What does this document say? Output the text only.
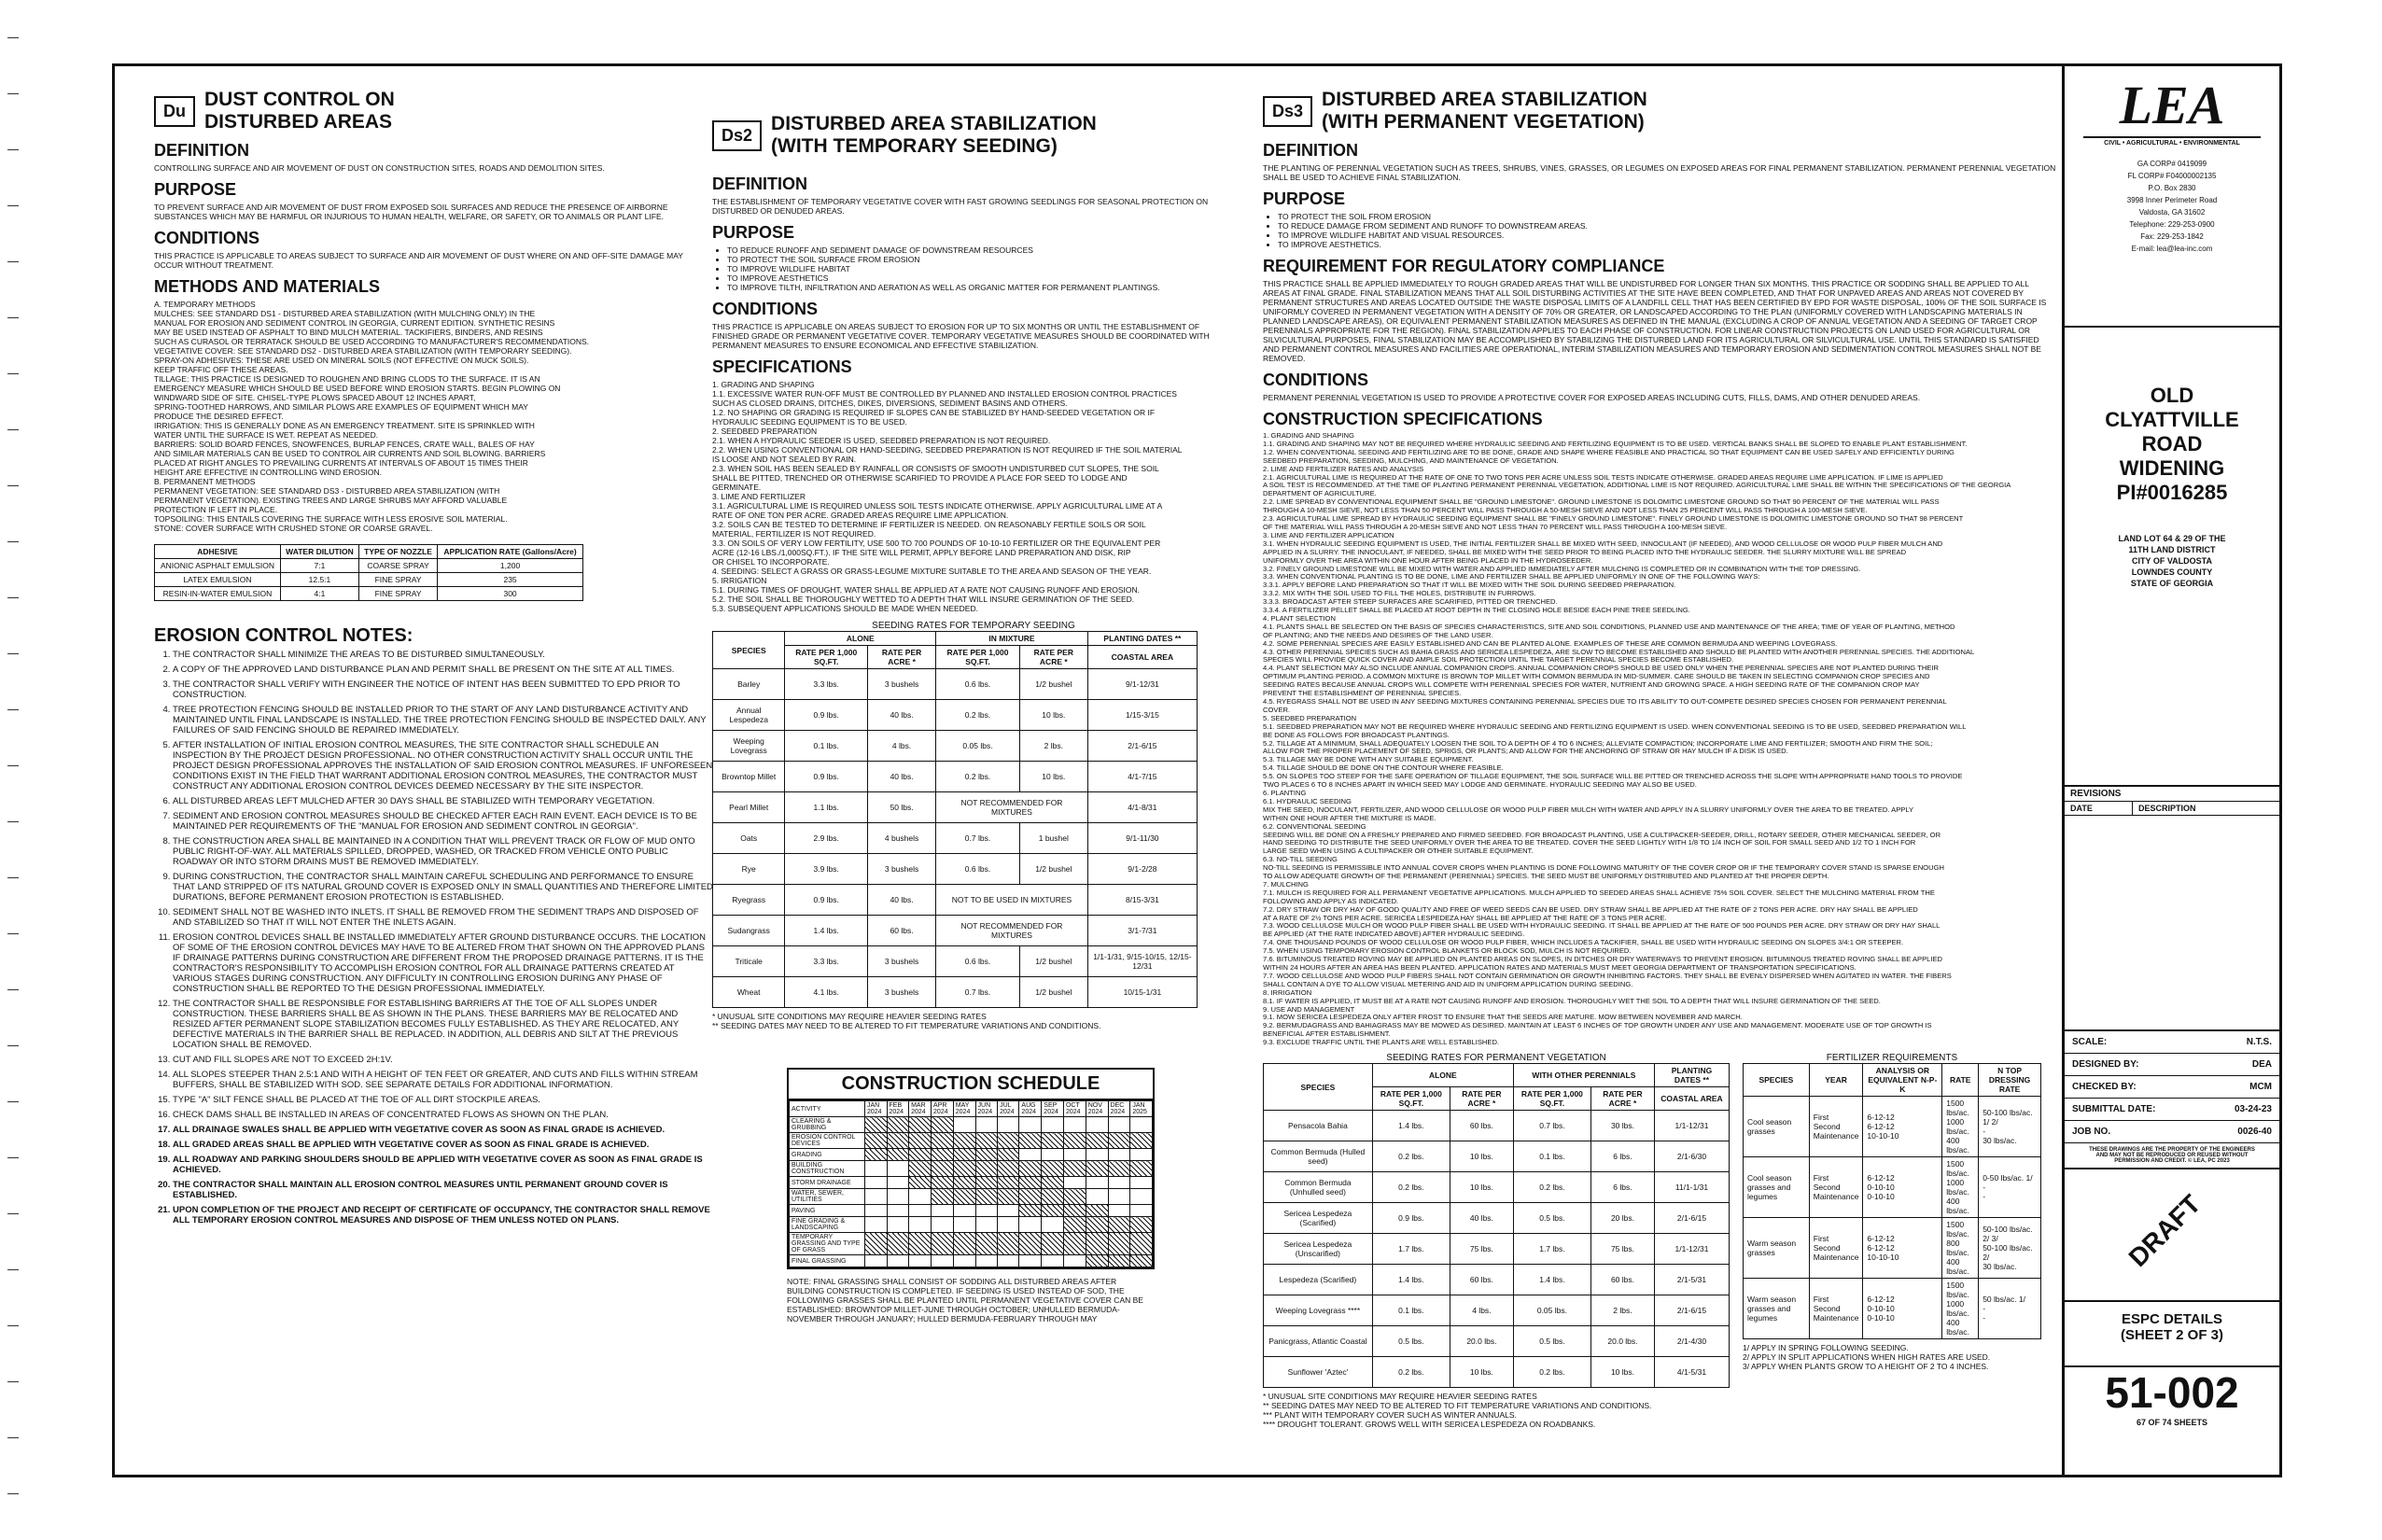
Du
DUST CONTROL ON
DISTURBED AREAS
DEFINITION

CONTROLLING SURFACE AND AIR MOVEMENT OF DUST ON CONSTRUCTION SITES, ROADS AND DEMOLITION SITES.

PURPOSE

TO PREVENT SURFACE AND AIR MOVEMENT OF DUST FROM EXPOSED SOIL SURFACES AND REDUCE THE PRESENCE OF AIRBORNE SUBSTANCES WHICH MAY BE HARMFUL OR INJURIOUS TO HUMAN HEALTH, WELFARE, OR SAFETY, OR TO ANIMALS OR PLANT LIFE.

CONDITIONS

THIS PRACTICE IS APPLICABLE TO AREAS SUBJECT TO SURFACE AND AIR MOVEMENT OF DUST WHERE ON AND OFF-SITE DAMAGE MAY OCCUR WITHOUT TREATMENT.

METHODS AND MATERIALS
A. TEMPORARY METHODS
MULCHES: SEE STANDARD DS1 - DISTURBED AREA STABILIZATION (WITH MULCHING ONLY) IN THE
MANUAL FOR EROSION AND SEDIMENT CONTROL IN GEORGIA, CURRENT EDITION. SYNTHETIC RESINS
MAY BE USED INSTEAD OF ASPHALT TO BIND MULCH MATERIAL. TACKIFIERS, BINDERS, AND RESINS
SUCH AS CURASOL OR TERRATACK SHOULD BE USED ACCORDING TO MANUFACTURER'S RECOMMENDATIONS.
VEGETATIVE COVER: SEE STANDARD DS2 - DISTURBED AREA STABILIZATION (WITH TEMPORARY SEEDING).
SPRAY-ON ADHESIVES: THESE ARE USED ON MINERAL SOILS (NOT EFFECTIVE ON MUCK SOILS).
KEEP TRAFFIC OFF THESE AREAS.
TILLAGE: THIS PRACTICE IS DESIGNED TO ROUGHEN AND BRING CLODS TO THE SURFACE. IT IS AN
EMERGENCY MEASURE WHICH SHOULD BE USED BEFORE WIND EROSION STARTS. BEGIN PLOWING ON
WINDWARD SIDE OF SITE. CHISEL-TYPE PLOWS SPACED ABOUT 12 INCHES APART,
SPRING-TOOTHED HARROWS, AND SIMILAR PLOWS ARE EXAMPLES OF EQUIPMENT WHICH MAY
PRODUCE THE DESIRED EFFECT.
IRRIGATION: THIS IS GENERALLY DONE AS AN EMERGENCY TREATMENT. SITE IS SPRINKLED WITH
WATER UNTIL THE SURFACE IS WET. REPEAT AS NEEDED.
BARRIERS: SOLID BOARD FENCES, SNOWFENCES, BURLAP FENCES, CRATE WALL, BALES OF HAY
AND SIMILAR MATERIALS CAN BE USED TO CONTROL AIR CURRENTS AND SOIL BLOWING. BARRIERS
PLACED AT RIGHT ANGLES TO PREVAILING CURRENTS AT INTERVALS OF ABOUT 15 TIMES THEIR
HEIGHT ARE EFFECTIVE IN CONTROLLING WIND EROSION.
B. PERMANENT METHODS
PERMANENT VEGETATION: SEE STANDARD DS3 - DISTURBED AREA STABILIZATION (WITH
PERMANENT VEGETATION). EXISTING TREES AND LARGE SHRUBS MAY AFFORD VALUABLE
PROTECTION IF LEFT IN PLACE.
TOPSOILING: THIS ENTAILS COVERING THE SURFACE WITH LESS EROSIVE SOIL MATERIAL.
STONE: COVER SURFACE WITH CRUSHED STONE OR COARSE GRAVEL.
ADHESIVE	WATER DILUTION	TYPE OF NOZZLE	APPLICATION RATE (Gallons/Acre)
ANIONIC ASPHALT EMULSION	7:1	COARSE SPRAY	1,200
LATEX EMULSION	12.5:1	FINE SPRAY	235
RESIN-IN-WATER EMULSION	4:1	FINE SPRAY	300
EROSION CONTROL NOTES:
1. THE CONTRACTOR SHALL MINIMIZE THE AREAS TO BE DISTURBED SIMULTANEOUSLY.
2. A COPY OF THE APPROVED LAND DISTURBANCE PLAN AND PERMIT SHALL BE PRESENT ON THE SITE AT ALL TIMES.
3. THE CONTRACTOR SHALL VERIFY WITH ENGINEER THE NOTICE OF INTENT HAS BEEN SUBMITTED TO EPD PRIOR TO CONSTRUCTION.
4. TREE PROTECTION FENCING SHOULD BE INSTALLED PRIOR TO THE START OF ANY LAND DISTURBANCE ACTIVITY AND MAINTAINED UNTIL FINAL LANDSCAPE IS INSTALLED. THE TREE PROTECTION FENCING SHOULD BE INSPECTED DAILY. ANY FAILURES OF SAID FENCING SHOULD BE REPAIRED IMMEDIATELY.
5. AFTER INSTALLATION OF INITIAL EROSION CONTROL MEASURES, THE SITE CONTRACTOR SHALL SCHEDULE AN INSPECTION BY THE PROJECT DESIGN PROFESSIONAL. NO OTHER CONSTRUCTION ACTIVITY SHALL OCCUR UNTIL THE PROJECT DESIGN PROFESSIONAL APPROVES THE INSTALLATION OF SAID EROSION CONTROL MEASURES. IF UNFORESEEN CONDITIONS EXIST IN THE FIELD THAT WARRANT ADDITIONAL EROSION CONTROL MEASURES, THE CONTRACTOR MUST CONSTRUCT ANY ADDITIONAL EROSION CONTROL DEVICES DEEMED NECESSARY BY THE SITE INSPECTOR.
6. ALL DISTURBED AREAS LEFT MULCHED AFTER 30 DAYS SHALL BE STABILIZED WITH TEMPORARY VEGETATION.
7. SEDIMENT AND EROSION CONTROL MEASURES SHOULD BE CHECKED AFTER EACH RAIN EVENT. EACH DEVICE IS TO BE MAINTAINED PER REQUIREMENTS OF THE "MANUAL FOR EROSION AND SEDIMENT CONTROL IN GEORGIA".
8. THE CONSTRUCTION AREA SHALL BE MAINTAINED IN A CONDITION THAT WILL PREVENT TRACK OR FLOW OF MUD ONTO PUBLIC RIGHT-OF-WAY. ALL MATERIALS SPILLED, DROPPED, WASHED, OR TRACKED FROM VEHICLE ONTO PUBLIC ROADWAY OR INTO STORM DRAINS MUST BE REMOVED IMMEDIATELY.
9. DURING CONSTRUCTION, THE CONTRACTOR SHALL MAINTAIN CAREFUL SCHEDULING AND PERFORMANCE TO ENSURE THAT LAND STRIPPED OF ITS NATURAL GROUND COVER IS EXPOSED ONLY IN SMALL QUANTITIES AND THEREFORE LIMITED DURATIONS, BEFORE PERMANENT EROSION PROTECTION IS ESTABLISHED.
10. SEDIMENT SHALL NOT BE WASHED INTO INLETS. IT SHALL BE REMOVED FROM THE SEDIMENT TRAPS AND DISPOSED OF AND STABILIZED SO THAT IT WILL NOT ENTER THE INLETS AGAIN.
11. EROSION CONTROL DEVICES SHALL BE INSTALLED IMMEDIATELY AFTER GROUND DISTURBANCE OCCURS. THE LOCATION OF SOME OF THE EROSION CONTROL DEVICES MAY HAVE TO BE ALTERED FROM THAT SHOWN ON THE APPROVED PLANS IF DRAINAGE PATTERNS DURING CONSTRUCTION ARE DIFFERENT FROM THE PROPOSED DRAINAGE PATTERNS. IT IS THE CONTRACTOR'S RESPONSIBILITY TO ACCOMPLISH EROSION CONTROL FOR ALL DRAINAGE PATTERNS CREATED AT VARIOUS STAGES DURING CONSTRUCTION. ANY DIFFICULTY IN CONTROLLING EROSION DURING ANY PHASE OF CONSTRUCTION SHALL BE REPORTED TO THE DESIGN PROFESSIONAL IMMEDIATELY.
12. THE CONTRACTOR SHALL BE RESPONSIBLE FOR ESTABLISHING BARRIERS AT THE TOE OF ALL SLOPES UNDER CONSTRUCTION. THESE BARRIERS SHALL BE AS SHOWN IN THE PLANS. THESE BARRIERS MAY BE RELOCATED AND RESIZED AFTER PERMANENT SLOPE STABILIZATION BECOMES FULLY ESTABLISHED. AS THEY ARE RELOCATED, ANY DEFECTIVE MATERIALS IN THE BARRIER SHALL BE REPLACED. IN ADDITION, ALL DEBRIS AND SILT AT THE PREVIOUS LOCATION SHALL BE REMOVED.
13. CUT AND FILL SLOPES ARE NOT TO EXCEED 2H:1V.
14. ALL SLOPES STEEPER THAN 2.5:1 AND WITH A HEIGHT OF TEN FEET OR GREATER, AND CUTS AND FILLS WITHIN STREAM BUFFERS, SHALL BE STABILIZED WITH SOD. SEE SEPARATE DETAILS FOR ADDITIONAL INFORMATION.
15. TYPE "A" SILT FENCE SHALL BE PLACED AT THE TOE OF ALL DIRT STOCKPILE AREAS.
16. CHECK DAMS SHALL BE INSTALLED IN AREAS OF CONCENTRATED FLOWS AS SHOWN ON THE PLAN.
17. ALL DRAINAGE SWALES SHALL BE APPLIED WITH VEGETATIVE COVER AS SOON AS FINAL GRADE IS ACHIEVED.
18. ALL GRADED AREAS SHALL BE APPLIED WITH VEGETATIVE COVER AS SOON AS FINAL GRADE IS ACHIEVED.
19. ALL ROADWAY AND PARKING SHOULDERS SHOULD BE APPLIED WITH VEGETATIVE COVER AS SOON AS FINAL GRADE IS ACHIEVED.
20. THE CONTRACTOR SHALL MAINTAIN ALL EROSION CONTROL MEASURES UNTIL PERMANENT GROUND COVER IS ESTABLISHED.
21. UPON COMPLETION OF THE PROJECT AND RECEIPT OF CERTIFICATE OF OCCUPANCY, THE CONTRACTOR SHALL REMOVE ALL TEMPORARY EROSION CONTROL MEASURES AND DISPOSE OF THEM UNLESS NOTED ON PLANS.
Ds2
DISTURBED AREA STABILIZATION
(WITH TEMPORARY SEEDING)
DEFINITION

THE ESTABLISHMENT OF TEMPORARY VEGETATIVE COVER WITH FAST GROWING SEEDLINGS FOR SEASONAL PROTECTION ON DISTURBED OR DENUDED AREAS.

PURPOSE
• TO REDUCE RUNOFF AND SEDIMENT DAMAGE OF DOWNSTREAM RESOURCES
• TO PROTECT THE SOIL SURFACE FROM EROSION
• TO IMPROVE WILDLIFE HABITAT
• TO IMPROVE AESTHETICS
• TO IMPROVE TILTH, INFILTRATION AND AERATION AS WELL AS ORGANIC MATTER FOR PERMANENT PLANTINGS.
CONDITIONS

THIS PRACTICE IS APPLICABLE ON AREAS SUBJECT TO EROSION FOR UP TO SIX MONTHS OR UNTIL THE ESTABLISHMENT OF FINISHED GRADE OR PERMANENT VEGETATIVE COVER. TEMPORARY VEGETATIVE MEASURES SHOULD BE COORDINATED WITH PERMANENT MEASURES TO ENSURE ECONOMICAL AND EFFECTIVE STABILIZATION.

SPECIFICATIONS
1. GRADING AND SHAPING
1.1. EXCESSIVE WATER RUN-OFF MUST BE CONTROLLED BY PLANNED AND INSTALLED EROSION CONTROL PRACTICES
SUCH AS CLOSED DRAINS, DITCHES, DIKES, DIVERSIONS, SEDIMENT BASINS AND OTHERS.
1.2. NO SHAPING OR GRADING IS REQUIRED IF SLOPES CAN BE STABILIZED BY HAND-SEEDED VEGETATION OR IF
HYDRAULIC SEEDING EQUIPMENT IS TO BE USED.
2. SEEDBED PREPARATION
2.1. WHEN A HYDRAULIC SEEDER IS USED, SEEDBED PREPARATION IS NOT REQUIRED.
2.2. WHEN USING CONVENTIONAL OR HAND-SEEDING, SEEDBED PREPARATION IS NOT REQUIRED IF THE SOIL MATERIAL
IS LOOSE AND NOT SEALED BY RAIN.
2.3. WHEN SOIL HAS BEEN SEALED BY RAINFALL OR CONSISTS OF SMOOTH UNDISTURBED CUT SLOPES, THE SOIL
SHALL BE PITTED, TRENCHED OR OTHERWISE SCARIFIED TO PROVIDE A PLACE FOR SEED TO LODGE AND
GERMINATE.
3. LIME AND FERTILIZER
3.1. AGRICULTURAL LIME IS REQUIRED UNLESS SOIL TESTS INDICATE OTHERWISE. APPLY AGRICULTURAL LIME AT A
RATE OF ONE TON PER ACRE. GRADED AREAS REQUIRE LIME APPLICATION.
3.2. SOILS CAN BE TESTED TO DETERMINE IF FERTILIZER IS NEEDED. ON REASONABLY FERTILE SOILS OR SOIL
MATERIAL, FERTILIZER IS NOT REQUIRED.
3.3. ON SOILS OF VERY LOW FERTILITY, USE 500 TO 700 POUNDS OF 10-10-10 FERTILIZER OR THE EQUIVALENT PER
ACRE (12-16 LBS./1,000SQ.FT.). IF THE SITE WILL PERMIT, APPLY BEFORE LAND PREPARATION AND DISK, RIP
OR CHISEL TO INCORPORATE.
4. SEEDING: SELECT A GRASS OR GRASS-LEGUME MIXTURE SUITABLE TO THE AREA AND SEASON OF THE YEAR.
5. IRRIGATION
5.1. DURING TIMES OF DROUGHT, WATER SHALL BE APPLIED AT A RATE NOT CAUSING RUNOFF AND EROSION.
5.2. THE SOIL SHALL BE THOROUGHLY WETTED TO A DEPTH THAT WILL INSURE GERMINATION OF THE SEED.
5.3. SUBSEQUENT APPLICATIONS SHOULD BE MADE WHEN NEEDED.
SEEDING RATES FOR TEMPORARY SEEDING
SPECIES	ALONE		IN MIXTURE		PLANTING DATES **
	RATE PER 1,000 SQ.FT.	RATE PER ACRE *	RATE PER 1,000 SQ.FT.	RATE PER ACRE *	COASTAL AREA
Barley	3.3 lbs.	3 bushels	0.6 lbs.	1/2 bushel	9/1-12/31
Annual Lespedeza	0.9 lbs.	40 lbs.	0.2 lbs.	10 lbs.	1/15-3/15
Weeping Lovegrass	0.1 lbs.	4 lbs.	0.05 lbs.	2 lbs.	2/1-6/15
Browntop Millet	0.9 lbs.	40 lbs.	0.2 lbs.	10 lbs.	4/1-7/15
Pearl Millet	1.1 lbs.	50 lbs.	NOT RECOMMENDED FOR MIXTURES		4/1-8/31
Oats	2.9 lbs.	4 bushels	0.7 lbs.	1 bushel	9/1-11/30
Rye	3.9 lbs.	3 bushels	0.6 lbs.	1/2 bushel	9/1-2/28
Ryegrass	0.9 lbs.	40 lbs.	NOT TO BE USED IN MIXTURES		8/15-3/31
Sudangrass	1.4 lbs.	60 lbs.	NOT RECOMMENDED FOR MIXTURES		3/1-7/31
Triticale	3.3 lbs.	3 bushels	0.6 lbs.	1/2 bushel	1/1-1/31, 9/15-10/15, 12/15-12/31
Wheat	4.1 lbs.	3 bushels	0.7 lbs.	1/2 bushel	10/15-1/31
* UNUSUAL SITE CONDITIONS MAY REQUIRE HEAVIER SEEDING RATES
** SEEDING DATES MAY NEED TO BE ALTERED TO FIT TEMPERATURE VARIATIONS AND CONDITIONS.
CONSTRUCTION SCHEDULE
ACTIVITY	JAN 2024	FEB 2024	MAR 2024	APR 2024	MAY 2024	JUN 2024	JUL 2024	AUG 2024	SEP 2024	OCT 2024	NOV 2024	DEC 2024	JAN 2025
CLEARING & GRUBBING													
EROSION CONTROL DEVICES													
GRADING													
BUILDING CONSTRUCTION													
STORM DRAINAGE													
WATER, SEWER, UTILITIES													
PAVING													
FINE GRADING & LANDSCAPING													
TEMPORARY GRASSING AND TYPE OF GRASS													
FINAL GRASSING													

NOTE: FINAL GRASSING SHALL CONSIST OF SODDING ALL DISTURBED AREAS AFTER BUILDING CONSTRUCTION IS COMPLETED. IF SEEDING IS USED INSTEAD OF SOD, THE FOLLOWING GRASSES SHALL BE PLANTED UNTIL PERMANENT VEGETATIVE COVER CAN BE ESTABLISHED: BROWNTOP MILLET-JUNE THROUGH OCTOBER; UNHULLED BERMUDA-NOVEMBER THROUGH JANUARY; HULLED BERMUDA-FEBRUARY THROUGH MAY

Ds3
DISTURBED AREA STABILIZATION
(WITH PERMANENT VEGETATION)
DEFINITION

THE PLANTING OF PERENNIAL VEGETATION SUCH AS TREES, SHRUBS, VINES, GRASSES, OR LEGUMES ON EXPOSED AREAS FOR FINAL PERMANENT STABILIZATION. PERMANENT PERENNIAL VEGETATION SHALL BE USED TO ACHIEVE FINAL STABILIZATION.

PURPOSE
• TO PROTECT THE SOIL FROM EROSION
• TO REDUCE DAMAGE FROM SEDIMENT AND RUNOFF TO DOWNSTREAM AREAS.
• TO IMPROVE WILDLIFE HABITAT AND VISUAL RESOURCES.
• TO IMPROVE AESTHETICS.
REQUIREMENT FOR REGULATORY COMPLIANCE

THIS PRACTICE SHALL BE APPLIED IMMEDIATELY TO ROUGH GRADED AREAS THAT WILL BE UNDISTURBED FOR LONGER THAN SIX MONTHS. THIS PRACTICE OR SODDING SHALL BE APPLIED TO ALL AREAS AT FINAL GRADE. FINAL STABILIZATION MEANS THAT ALL SOIL DISTURBING ACTIVITIES AT THE SITE HAVE BEEN COMPLETED, AND THAT FOR UNPAVED AREAS AND AREAS NOT COVERED BY PERMANENT STRUCTURES AND AREAS LOCATED OUTSIDE THE WASTE DISPOSAL LIMITS OF A LANDFILL CELL THAT HAS BEEN CERTIFIED BY EPD FOR WASTE DISPOSAL, 100% OF THE SOIL SURFACE IS UNIFORMLY COVERED IN PERMANENT VEGETATION WITH A DENSITY OF 70% OR GREATER, OR LANDSCAPED ACCORDING TO THE PLAN (UNIFORMLY COVERED WITH LANDSCAPING MATERIALS IN PLANNED LANDSCAPE AREAS), OR EQUIVALENT PERMANENT STABILIZATION MEASURES AS DEFINED IN THE MANUAL (EXCLUDING A CROP OF ANNUAL VEGETATION AND A SEEDING OF TARGET CROP PERENNIALS APPROPRIATE FOR THE REGION). FINAL STABILIZATION APPLIES TO EACH PHASE OF CONSTRUCTION. FOR LINEAR CONSTRUCTION PROJECTS ON LAND USED FOR AGRICULTURAL OR SILVICULTURAL PURPOSES, FINAL STABILIZATION MAY BE ACCOMPLISHED BY STABILIZING THE DISTURBED LAND FOR ITS AGRICULTURAL OR SILVICULTURAL USE. UNTIL THIS STANDARD IS SATISFIED AND PERMANENT CONTROL MEASURES AND FACILITIES ARE OPERATIONAL, INTERIM STABILIZATION MEASURES AND TEMPORARY EROSION AND SEDIMENTATION CONTROL MEASURES SHALL NOT BE REMOVED.

CONDITIONS

PERMANENT PERENNIAL VEGETATION IS USED TO PROVIDE A PROTECTIVE COVER FOR EXPOSED AREAS INCLUDING CUTS, FILLS, DAMS, AND OTHER DENUDED AREAS.

CONSTRUCTION SPECIFICATIONS
1. GRADING AND SHAPING
1.1. GRADING AND SHAPING MAY NOT BE REQUIRED WHERE HYDRAULIC SEEDING AND FERTILIZING EQUIPMENT IS TO BE USED. VERTICAL BANKS SHALL BE SLOPED TO ENABLE PLANT ESTABLISHMENT.
1.2. WHEN CONVENTIONAL SEEDING AND FERTILIZING ARE TO BE DONE, GRADE AND SHAPE WHERE FEASIBLE AND PRACTICAL SO THAT EQUIPMENT CAN BE USED SAFELY AND EFFICIENTLY DURING
SEEDBED PREPARATION, SEEDING, MULCHING, AND MAINTENANCE OF VEGETATION.
2. LIME AND FERTILIZER RATES AND ANALYSIS
2.1. AGRICULTURAL LIME IS REQUIRED AT THE RATE OF ONE TO TWO TONS PER ACRE UNLESS SOIL TESTS INDICATE OTHERWISE. GRADED AREAS REQUIRE LIME APPLICATION. IF LIME IS APPLIED
A SOIL TEST IS RECOMMENDED. AT THE TIME OF PLANTING PERMANENT PERENNIAL VEGETATION, ADDITIONAL LIME IS NOT REQUIRED. AGRICULTURAL LIME SHALL BE WITHIN THE SPECIFICATIONS OF THE GEORGIA
DEPARTMENT OF AGRICULTURE.
2.2. LIME SPREAD BY CONVENTIONAL EQUIPMENT SHALL BE "GROUND LIMESTONE". GROUND LIMESTONE IS DOLOMITIC LIMESTONE GROUND SO THAT 90 PERCENT OF THE MATERIAL WILL PASS
THROUGH A 10-MESH SIEVE, NOT LESS THAN 50 PERCENT WILL PASS THROUGH A 50-MESH SIEVE AND NOT LESS THAN 25 PERCENT WILL PASS THROUGH A 100-MESH SIEVE.
2.3. AGRICULTURAL LIME SPREAD BY HYDRAULIC SEEDING EQUIPMENT SHALL BE "FINELY GROUND LIMESTONE". FINELY GROUND LIMESTONE IS DOLOMITIC LIMESTONE GROUND SO THAT 98 PERCENT
OF THE MATERIAL WILL PASS THROUGH A 20-MESH SIEVE AND NOT LESS THAN 70 PERCENT WILL PASS THROUGH A 100-MESH SIEVE.
3. LIME AND FERTILIZER APPLICATION
3.1. WHEN HYDRAULIC SEEDING EQUIPMENT IS USED, THE INITIAL FERTILIZER SHALL BE MIXED WITH SEED, INNOCULANT (IF NEEDED), AND WOOD CELLULOSE OR WOOD PULP FIBER MULCH AND
APPLIED IN A SLURRY. THE INNOCULANT, IF NEEDED, SHALL BE MIXED WITH THE SEED PRIOR TO BEING PLACED INTO THE HYDRAULIC SEEDER. THE SLURRY MIXTURE WILL BE SPREAD
UNIFORMLY OVER THE AREA WITHIN ONE HOUR AFTER BEING PLACED IN THE HYDROSEEDER.
3.2. FINELY GROUND LIMESTONE WILL BE MIXED WITH WATER AND APPLIED IMMEDIATELY AFTER MULCHING IS COMPLETED OR IN COMBINATION WITH THE TOP DRESSING.
3.3. WHEN CONVENTIONAL PLANTING IS TO BE DONE, LIME AND FERTILIZER SHALL BE APPLIED UNIFORMLY IN ONE OF THE FOLLOWING WAYS:
3.3.1. APPLY BEFORE LAND PREPARATION SO THAT IT WILL BE MIXED WITH THE SOIL DURING SEEDBED PREPARATION.
3.3.2. MIX WITH THE SOIL USED TO FILL THE HOLES, DISTRIBUTE IN FURROWS.
3.3.3. BROADCAST AFTER STEEP SURFACES ARE SCARIFIED, PITTED OR TRENCHED.
3.3.4. A FERTILIZER PELLET SHALL BE PLACED AT ROOT DEPTH IN THE CLOSING HOLE BESIDE EACH PINE TREE SEEDLING.
4. PLANT SELECTION
4.1. PLANTS SHALL BE SELECTED ON THE BASIS OF SPECIES CHARACTERISTICS, SITE AND SOIL CONDITIONS, PLANNED USE AND MAINTENANCE OF THE AREA; TIME OF YEAR OF PLANTING, METHOD
OF PLANTING; AND THE NEEDS AND DESIRES OF THE LAND USER.
4.2. SOME PERENNIAL SPECIES ARE EASILY ESTABLISHED AND CAN BE PLANTED ALONE. EXAMPLES OF THESE ARE COMMON BERMUDA AND WEEPING LOVEGRASS.
4.3. OTHER PERENNIAL SPECIES SUCH AS BAHIA GRASS AND SERICEA LESPEDEZA, ARE SLOW TO BECOME ESTABLISHED AND SHOULD BE PLANTED WITH ANOTHER PERENNIAL SPECIES. THE ADDITIONAL
SPECIES WILL PROVIDE QUICK COVER AND AMPLE SOIL PROTECTION UNTIL THE TARGET PERENNIAL SPECIES BECOME ESTABLISHED.
4.4. PLANT SELECTION MAY ALSO INCLUDE ANNUAL COMPANION CROPS. ANNUAL COMPANION CROPS SHOULD BE USED ONLY WHEN THE PERENNIAL SPECIES ARE NOT PLANTED DURING THEIR
OPTIMUM PLANTING PERIOD. A COMMON MIXTURE IS BROWN TOP MILLET WITH COMMON BERMUDA IN MID-SUMMER. CARE SHOULD BE TAKEN IN SELECTING COMPANION CROP SPECIES AND
SEEDING RATES BECAUSE ANNUAL CROPS WILL COMPETE WITH PERENNIAL SPECIES FOR WATER, NUTRIENT AND GROWING SPACE. A HIGH SEEDING RATE OF THE COMPANION CROP MAY
PREVENT THE ESTABLISHMENT OF PERENNIAL SPECIES.
4.5. RYEGRASS SHALL NOT BE USED IN ANY SEEDING MIXTURES CONTAINING PERENNIAL SPECIES DUE TO ITS ABILITY TO OUT-COMPETE DESIRED SPECIES CHOSEN FOR PERMANENT PERENNIAL
COVER.
5. SEEDBED PREPARATION
5.1. SEEDBED PREPARATION MAY NOT BE REQUIRED WHERE HYDRAULIC SEEDING AND FERTILIZING EQUIPMENT IS USED. WHEN CONVENTIONAL SEEDING IS TO BE USED, SEEDBED PREPARATION WILL
BE DONE AS FOLLOWS FOR BROADCAST PLANTINGS.
5.2. TILLAGE AT A MINIMUM, SHALL ADEQUATELY LOOSEN THE SOIL TO A DEPTH OF 4 TO 6 INCHES; ALLEVIATE COMPACTION; INCORPORATE LIME AND FERTILIZER; SMOOTH AND FIRM THE SOIL;
ALLOW FOR THE PROPER PLACEMENT OF SEED, SPRIGS, OR PLANTS; AND ALLOW FOR THE ANCHORING OF STRAW OR HAY MULCH IF A DISK IS USED.
5.3. TILLAGE MAY BE DONE WITH ANY SUITABLE EQUIPMENT.
5.4. TILLAGE SHOULD BE DONE ON THE CONTOUR WHERE FEASIBLE.
5.5. ON SLOPES TOO STEEP FOR THE SAFE OPERATION OF TILLAGE EQUIPMENT, THE SOIL SURFACE WILL BE PITTED OR TRENCHED ACROSS THE SLOPE WITH APPROPRIATE HAND TOOLS TO PROVIDE
TWO PLACES 6 TO 8 INCHES APART IN WHICH SEED MAY LODGE AND GERMINATE. HYDRAULIC SEEDING MAY ALSO BE USED.
6. PLANTING
6.1. HYDRAULIC SEEDING
MIX THE SEED, INOCULANT, FERTILIZER, AND WOOD CELLULOSE OR WOOD PULP FIBER MULCH WITH WATER AND APPLY IN A SLURRY UNIFORMLY OVER THE AREA TO BE TREATED. APPLY
WITHIN ONE HOUR AFTER THE MIXTURE IS MADE.
6.2. CONVENTIONAL SEEDING
SEEDING WILL BE DONE ON A FRESHLY PREPARED AND FIRMED SEEDBED. FOR BROADCAST PLANTING, USE A CULTIPACKER-SEEDER, DRILL, ROTARY SEEDER, OTHER MECHANICAL SEEDER, OR
HAND SEEDING TO DISTRIBUTE THE SEED UNIFORMLY OVER THE AREA TO BE TREATED. COVER THE SEED LIGHTLY WITH 1/8 TO 1/4 INCH OF SOIL FOR SMALL SEED AND 1/2 TO 1 INCH FOR
LARGE SEED WHEN USING A CULTIPACKER OR OTHER SUITABLE EQUIPMENT.
6.3. NO-TILL SEEDING
NO-TILL SEEDING IS PERMISSIBLE INTO ANNUAL COVER CROPS WHEN PLANTING IS DONE FOLLOWING MATURITY OF THE COVER CROP OR IF THE TEMPORARY COVER STAND IS SPARSE ENOUGH
TO ALLOW ADEQUATE GROWTH OF THE PERMANENT (PERENNIAL) SPECIES. THE SEED MUST BE UNIFORMLY DISTRIBUTED AND PLANTED AT THE PROPER DEPTH.
7. MULCHING
7.1. MULCH IS REQUIRED FOR ALL PERMANENT VEGETATIVE APPLICATIONS. MULCH APPLIED TO SEEDED AREAS SHALL ACHIEVE 75% SOIL COVER. SELECT THE MULCHING MATERIAL FROM THE
FOLLOWING AND APPLY AS INDICATED.
7.2. DRY STRAW OR DRY HAY OF GOOD QUALITY AND FREE OF WEED SEEDS CAN BE USED. DRY STRAW SHALL BE APPLIED AT THE RATE OF 2 TONS PER ACRE. DRY HAY SHALL BE APPLIED
AT A RATE OF 2½ TONS PER ACRE. SERICEA LESPEDEZA HAY SHALL BE APPLIED AT THE RATE OF 3 TONS PER ACRE.
7.3. WOOD CELLULOSE MULCH OR WOOD PULP FIBER SHALL BE USED WITH HYDRAULIC SEEDING. IT SHALL BE APPLIED AT THE RATE OF 500 POUNDS PER ACRE. DRY STRAW OR DRY HAY SHALL
BE APPLIED (AT THE RATE INDICATED ABOVE) AFTER HYDRAULIC SEEDING.
7.4. ONE THOUSAND POUNDS OF WOOD CELLULOSE OR WOOD PULP FIBER, WHICH INCLUDES A TACKIFIER, SHALL BE USED WITH HYDRAULIC SEEDING ON SLOPES 3/4:1 OR STEEPER.
7.5. WHEN USING TEMPORARY EROSION CONTROL BLANKETS OR BLOCK SOD, MULCH IS NOT REQUIRED.
7.6. BITUMINOUS TREATED ROVING MAY BE APPLIED ON PLANTED AREAS ON SLOPES, IN DITCHES OR DRY WATERWAYS TO PREVENT EROSION. BITUMINOUS TREATED ROVING SHALL BE APPLIED
WITHIN 24 HOURS AFTER AN AREA HAS BEEN PLANTED. APPLICATION RATES AND MATERIALS MUST MEET GEORGIA DEPARTMENT OF TRANSPORTATION SPECIFICATIONS.
7.7. WOOD CELLULOSE AND WOOD PULP FIBERS SHALL NOT CONTAIN GERMINATION OR GROWTH INHIBITING FACTORS. THEY SHALL BE EVENLY DISPERSED WHEN AGITATED IN WATER. THE FIBERS
SHALL CONTAIN A DYE TO ALLOW VISUAL METERING AND AID IN UNIFORM APPLICATION DURING SEEDING.
8. IRRIGATION
8.1. IF WATER IS APPLIED, IT MUST BE AT A RATE NOT CAUSING RUNOFF AND EROSION. THOROUGHLY WET THE SOIL TO A DEPTH THAT WILL INSURE GERMINATION OF THE SEED.
9. USE AND MANAGEMENT
9.1. MOW SERICEA LESPEDEZA ONLY AFTER FROST TO ENSURE THAT THE SEEDS ARE MATURE. MOW BETWEEN NOVEMBER AND MARCH.
9.2. BERMUDAGRASS AND BAHIAGRASS MAY BE MOWED AS DESIRED. MAINTAIN AT LEAST 6 INCHES OF TOP GROWTH UNDER ANY USE AND MANAGEMENT. MODERATE USE OF TOP GROWTH IS
BENEFICIAL AFTER ESTABLISHMENT.
9.3. EXCLUDE TRAFFIC UNTIL THE PLANTS ARE WELL ESTABLISHED.
SEEDING RATES FOR PERMANENT VEGETATION
SPECIES	ALONE		WITH OTHER PERENNIALS		PLANTING DATES **
	RATE PER 1,000 SQ.FT.	RATE PER ACRE *	RATE PER 1,000 SQ.FT.	RATE PER ACRE *	COASTAL AREA
Pensacola Bahia	1.4 lbs.	60 lbs.	0.7 lbs.	30 lbs.	1/1-12/31
Common Bermuda (Hulled seed)	0.2 lbs.	10 lbs.	0.1 lbs.	6 lbs.	2/1-6/30
Common Bermuda (Unhulled seed)	0.2 lbs.	10 lbs.	0.2 lbs.	6 lbs.	11/1-1/31
Sericea Lespedeza (Scarified)	0.9 lbs.	40 lbs.	0.5 lbs.	20 lbs.	2/1-6/15
Sericea Lespedeza (Unscarified)	1.7 lbs.	75 lbs.	1.7 lbs.	75 lbs.	1/1-12/31
Lespedeza (Scarified)	1.4 lbs.	60 lbs.	1.4 lbs.	60 lbs.	2/1-5/31
Weeping Lovegrass ****	0.1 lbs.	4 lbs.	0.05 lbs.	2 lbs.	2/1-6/15
Panicgrass, Atlantic Coastal	0.5 lbs.	20.0 lbs.	0.5 lbs.	20.0 lbs.	2/1-4/30
Sunflower 'Aztec'	0.2 lbs.	10 lbs.	0.2 lbs.	10 lbs.	4/1-5/31
* UNUSUAL SITE CONDITIONS MAY REQUIRE HEAVIER SEEDING RATES
** SEEDING DATES MAY NEED TO BE ALTERED TO FIT TEMPERATURE VARIATIONS AND CONDITIONS.
*** PLANT WITH TEMPORARY COVER SUCH AS WINTER ANNUALS.
**** DROUGHT TOLERANT. GROWS WELL WITH SERICEA LESPEDEZA ON ROADBANKS.
FERTILIZER REQUIREMENTS
SPECIES	YEAR	ANALYSIS OR EQUIVALENT N-P-K	RATE	N TOP DRESSING RATE
Cool season grasses	First
Second
Maintenance	6-12-12
6-12-12
10-10-10	1500 lbs/ac.
1000 lbs/ac.
400 lbs/ac.	50-100 lbs/ac. 1/ 2/
-
30 lbs/ac.
Cool season grasses and legumes	First
Second
Maintenance	6-12-12
0-10-10
0-10-10	1500 lbs/ac.
1000 lbs/ac.
400 lbs/ac.	0-50 lbs/ac. 1/
-
-
Warm season grasses	First
Second
Maintenance	6-12-12
6-12-12
10-10-10	1500 lbs/ac.
800 lbs/ac.
400 lbs/ac.	50-100 lbs/ac. 2/ 3/
50-100 lbs/ac. 2/
30 lbs/ac.
Warm season grasses and legumes	First
Second
Maintenance	6-12-12
0-10-10
0-10-10	1500 lbs/ac.
1000 lbs/ac.
400 lbs/ac.	50 lbs/ac. 1/
-
-
1/ APPLY IN SPRING FOLLOWING SEEDING.
2/ APPLY IN SPLIT APPLICATIONS WHEN HIGH RATES ARE USED.
3/ APPLY WHEN PLANTS GROW TO A HEIGHT OF 2 TO 4 INCHES.
LEA
CIVIL • AGRICULTURAL • ENVIRONMENTAL
GA CORP# 0419099
FL CORP# F04000002135
P.O. Box 2830
3998 Inner Perimeter Road
Valdosta, GA 31602
Telephone: 229-253-0900
Fax: 229-253-1842
E-mail: lea@lea-inc.com
OLD
CLYATTVILLE
ROAD
WIDENING
PI#0016285
LAND LOT 64 & 29 OF THE
11TH LAND DISTRICT
CITY OF VALDOSTA
LOWNDES COUNTY
STATE OF GEORGIA
REVISIONS
DATE	DESCRIPTION
SCALE:	N.T.S.
DESIGNED BY:	DEA
CHECKED BY:	MCM
SUBMITTAL DATE:	03-24-23
JOB NO.	0026-40
THESE DRAWINGS ARE THE PROPERTY OF THE ENGINEERS AND MAY NOT BE REPRODUCED OR REUSED WITHOUT PERMISSION AND CREDIT. © LEA, PC 2023
DRAFT
ESPC DETAILS
(SHEET 2 OF 3)
51-002
67 OF 74 SHEETS
